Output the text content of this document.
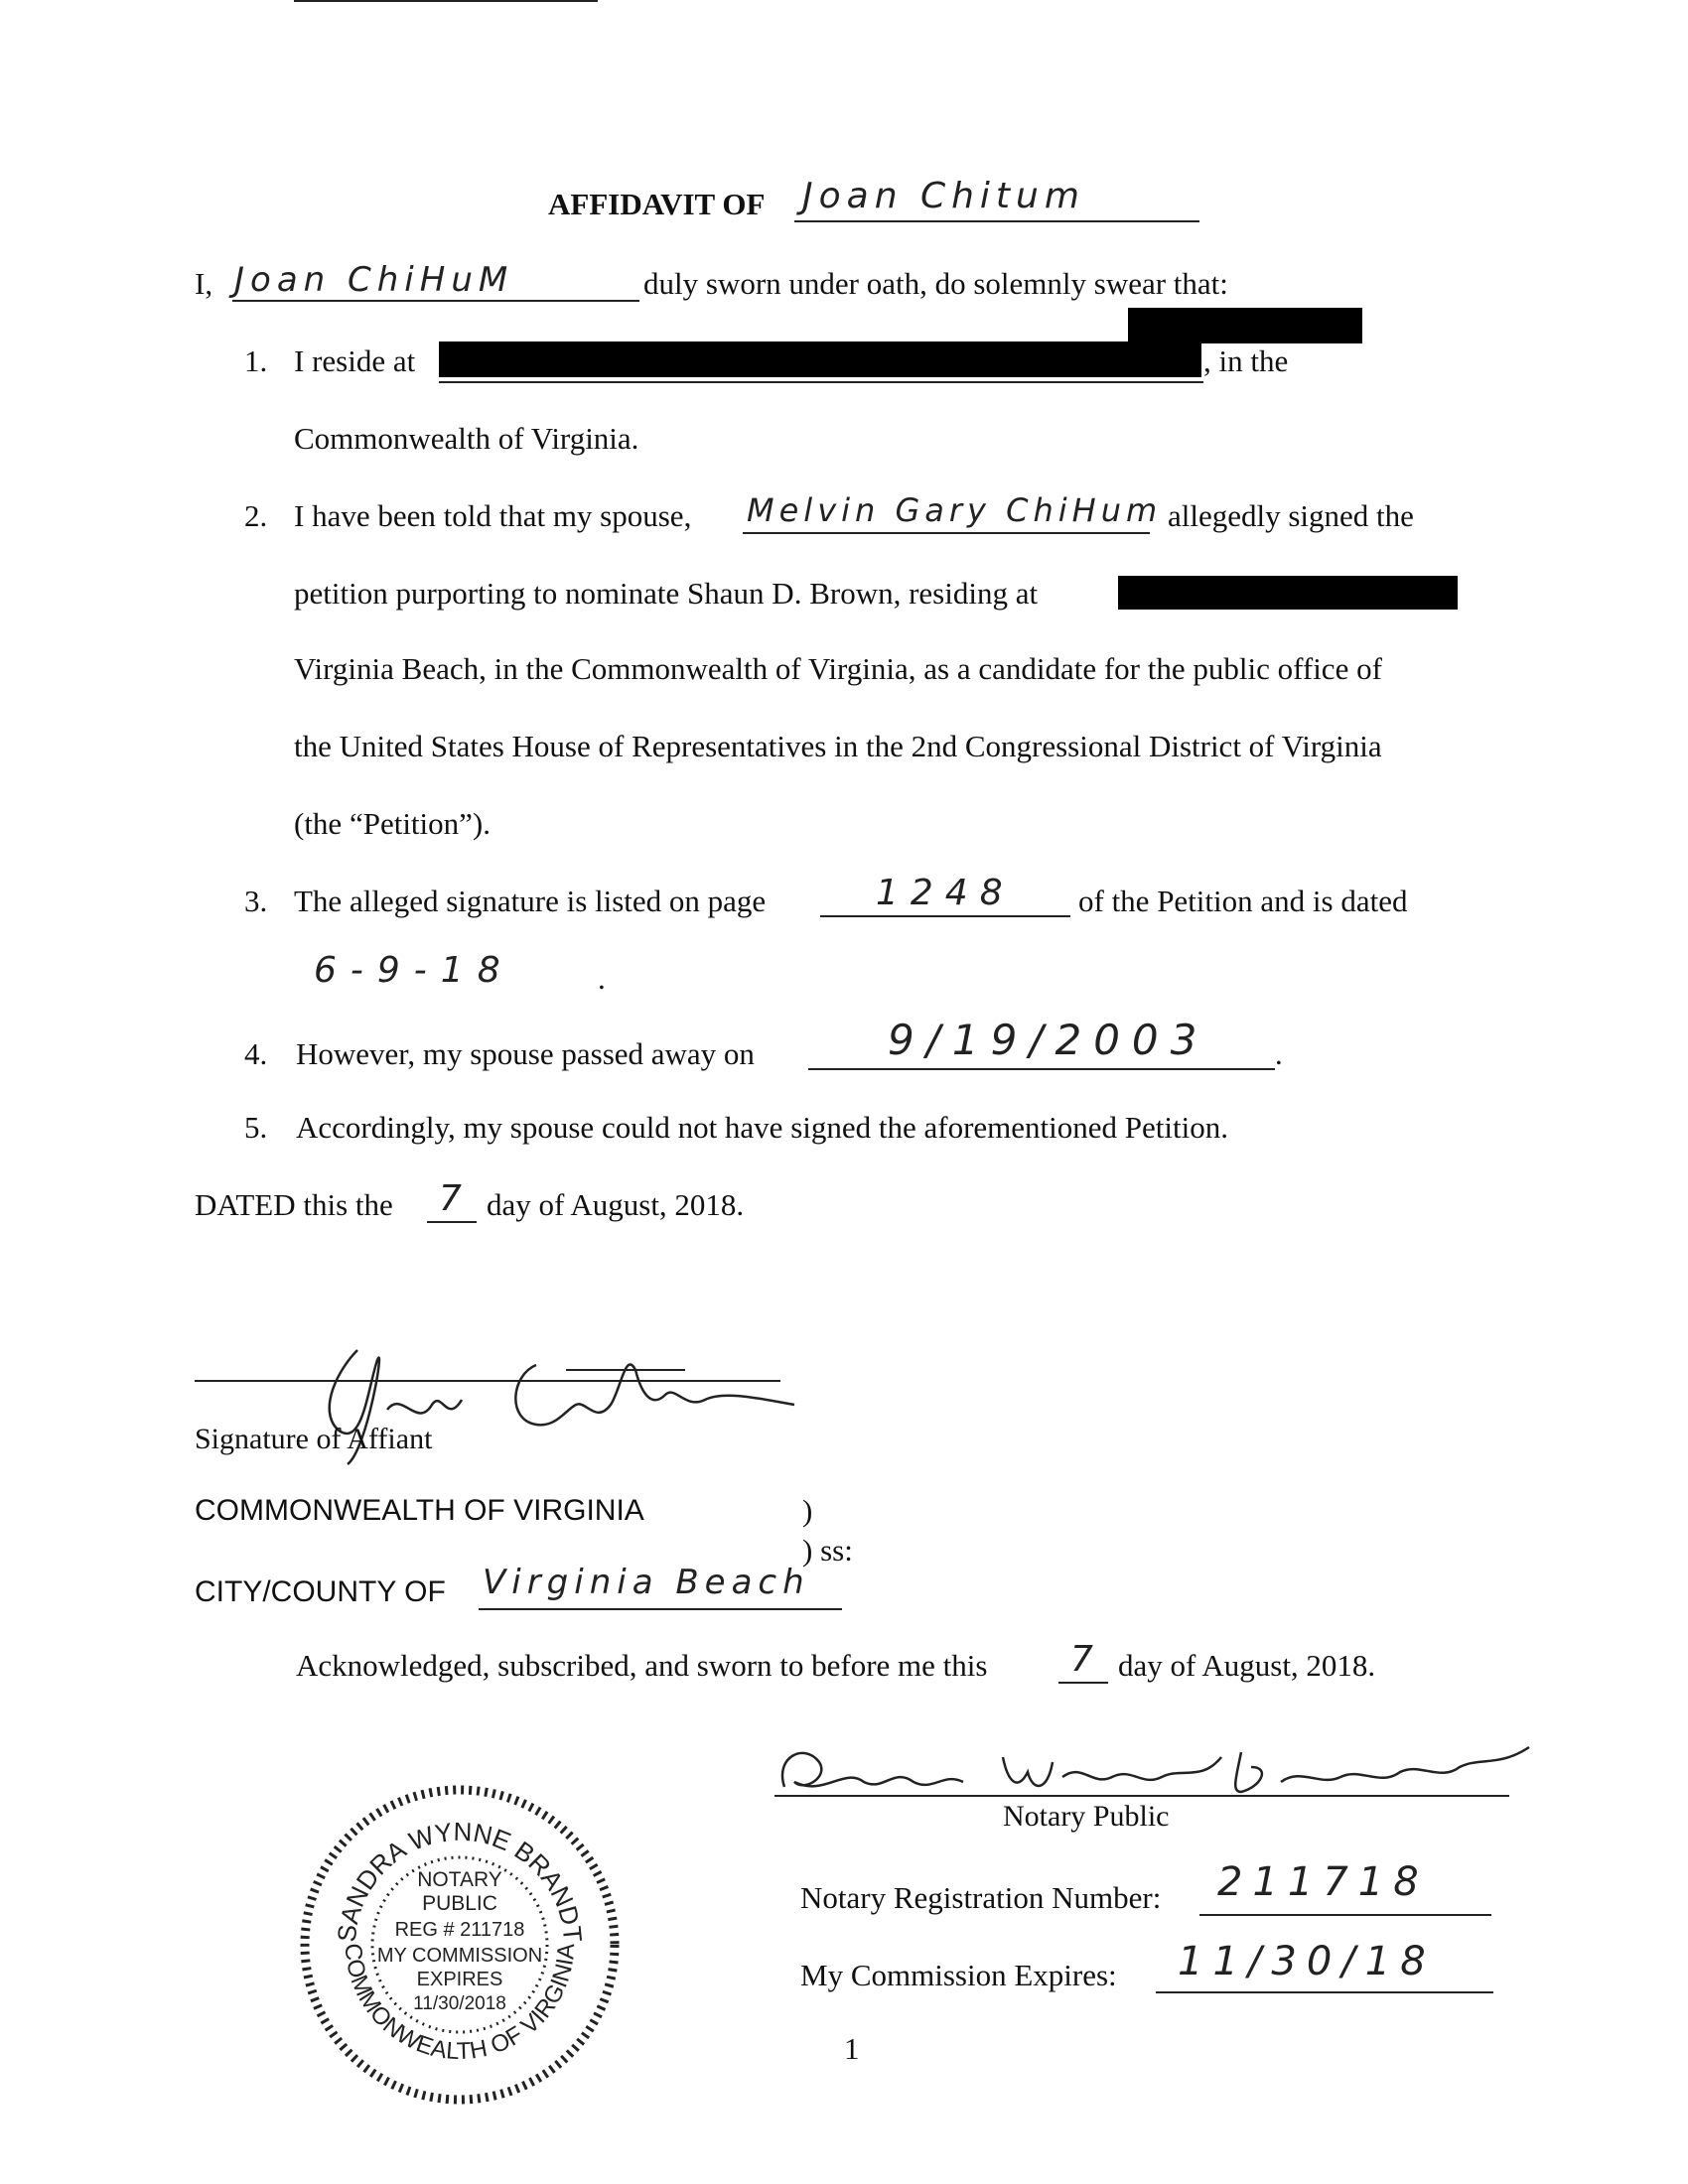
AFFIDAVIT OF Joan Chitum
I, Joan ChiHuM	duly sworn under oath, do solemnly swear that:
1. I reside at	, in the
Commonwealth of Virginia.
2. I have been told that my spouse, Melvin Gary ChiHum allegedly signed the
petition purporting to nominate Shaun D. Brown, residing at
Virginia Beach, in the Commonwealth of Virginia, as a candidate for the public office of
the United States House of Representatives in the 2nd Congressional District of Virginia
(the “Petition”).
3. The alleged signature is listed on page	1248 of the Petition and is dated
6-9-18	.
4. However, my spouse passed away on	9/19/2003 .
5. Accordingly, my spouse could not have signed the aforementioned Petition.
DATED this the 7 day of August, 2018.
Signature of Affiant
COMMONWEALTH OF VIRGINIA	)
) ss:
CITY/COUNTY OF Virginia Beach
Acknowledged, subscribed, and sworn to before me this 7 day of August, 2018.
Notary Public
Notary Registration Number: 211718
My Commission Expires: 11/30/18
SANDRA WYNNE BRANDT
COMMONWEALTH OF VIRGINIA
NOTARY
PUBLIC
REG # 211718
MY COMMISSION
EXPIRES
11/30/2018
1
